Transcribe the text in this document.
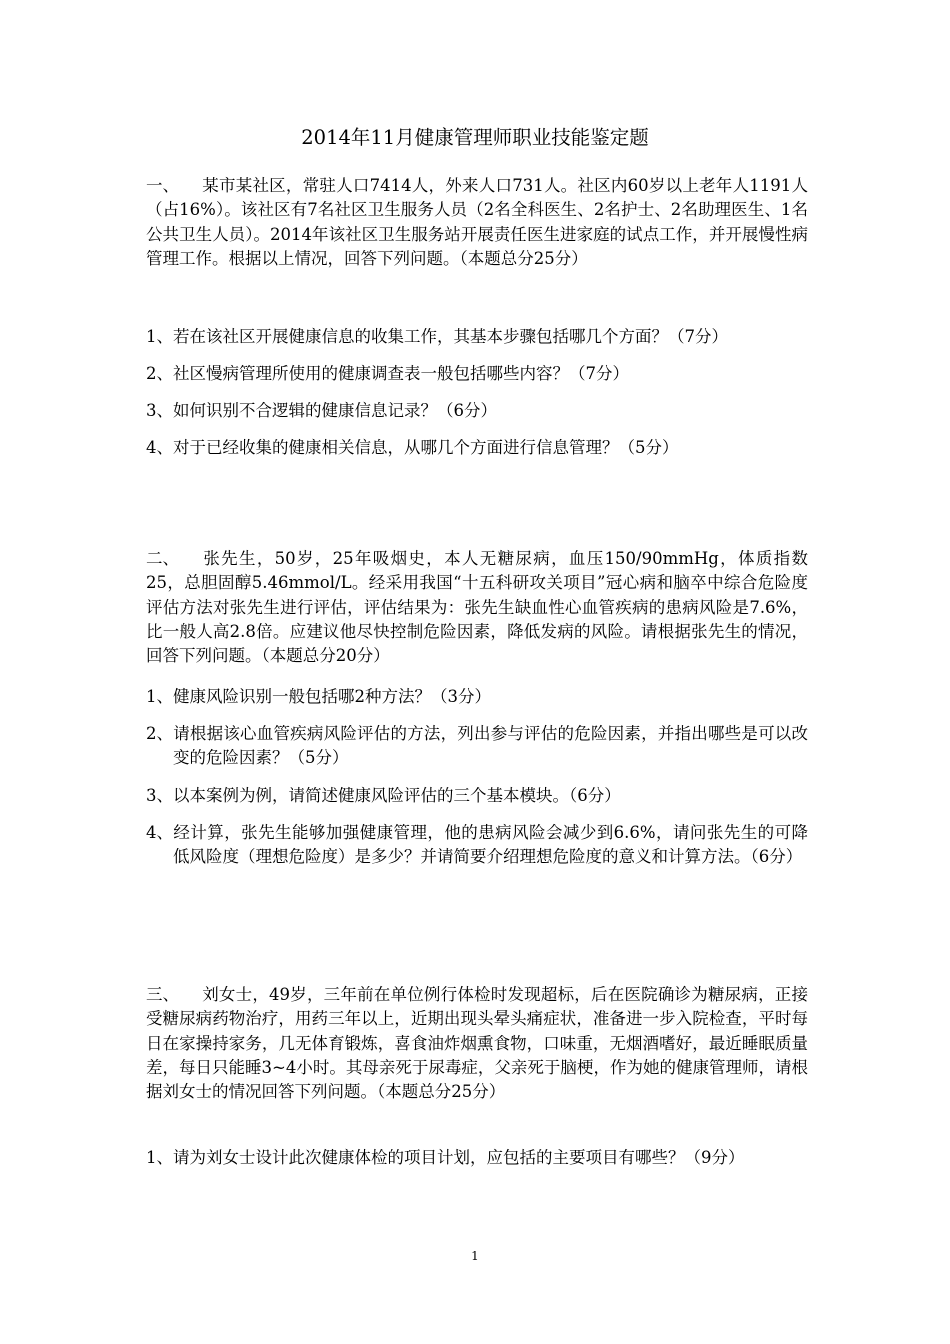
2014年11月健康管理师职业技能鉴定题
一、 某市某社区，常驻人口7414人，外来人口731人。社区内60岁以上老年人1191人（占16%）。该社区有7名社区卫生服务人员（2名全科医生、2名护士、2名助理医生、1名公共卫生人员）。2014年该社区卫生服务站开展责任医生进家庭的试点工作，并开展慢性病管理工作。根据以上情况，回答下列问题。（本题总分25分）
1、若在该社区开展健康信息的收集工作，其基本步骤包括哪几个方面？（7分）
2、社区慢病管理所使用的健康调查表一般包括哪些内容？（7分）
3、如何识别不合逻辑的健康信息记录？（6分）
4、对于已经收集的健康相关信息，从哪几个方面进行信息管理？（5分）
二、 张先生，50岁，25年吸烟史，本人无糖尿病，血压150/90mmHg，体质指数25，总胆固醇5.46mmol/L。经采用我国“十五科研攻关项目”冠心病和脑卒中综合危险度评估方法对张先生进行评估，评估结果为：张先生缺血性心血管疾病的患病风险是7.6%，比一般人高2.8倍。应建议他尽快控制危险因素，降低发病的风险。请根据张先生的情况，回答下列问题。（本题总分20分）
1、健康风险识别一般包括哪2种方法？（3分）
2、请根据该心血管疾病风险评估的方法，列出参与评估的危险因素，并指出哪些是可以改变的危险因素？（5分）
3、以本案例为例，请简述健康风险评估的三个基本模块。（6分）
4、经计算，张先生能够加强健康管理，他的患病风险会减少到6.6%，请问张先生的可降低风险度（理想危险度）是多少？并请简要介绍理想危险度的意义和计算方法。（6分）
三、 刘女士，49岁，三年前在单位例行体检时发现超标，后在医院确诊为糖尿病，正接受糖尿病药物治疗，用药三年以上，近期出现头晕头痛症状，准备进一步入院检查，平时每日在家操持家务，几无体育锻炼，喜食油炸烟熏食物，口味重，无烟酒嗜好，最近睡眠质量差，每日只能睡3~4小时。其母亲死于尿毒症，父亲死于脑梗，作为她的健康管理师，请根据刘女士的情况回答下列问题。（本题总分25分）
1、请为刘女士设计此次健康体检的项目计划，应包括的主要项目有哪些？（9分）
1
